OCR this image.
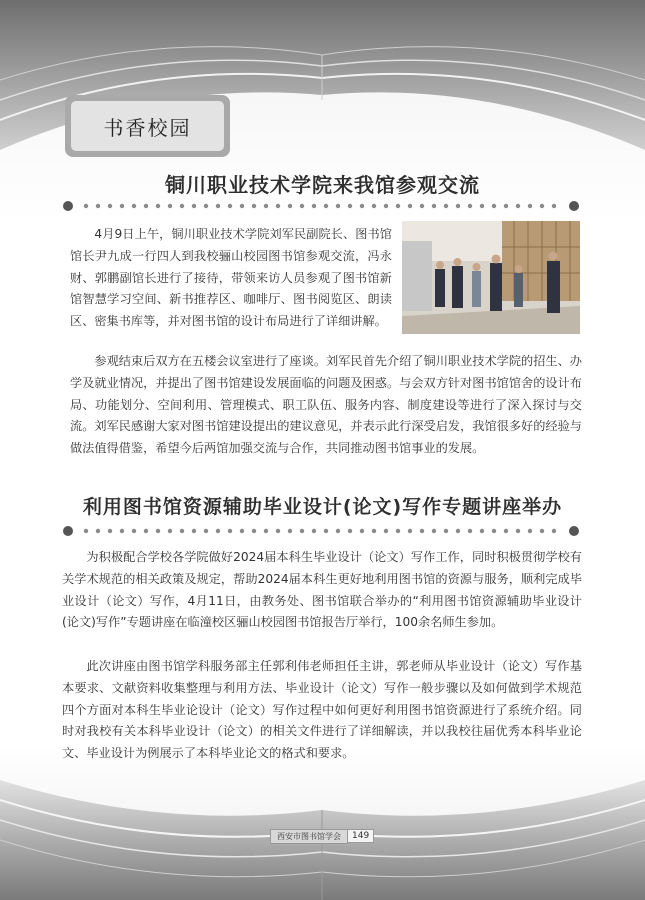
书香校园
铜川职业技术学院来我馆参观交流
4月9日上午，铜川职业技术学院刘军民副院长、图书馆馆长尹九成一行四人到我校骊山校园图书馆参观交流，冯永财、郭鹏副馆长进行了接待，带领来访人员参观了图书馆新馆智慧学习空间、新书推荐区、咖啡厅、图书阅览区、朗读区、密集书库等，并对图书馆的设计布局进行了详细讲解。
参观结束后双方在五楼会议室进行了座谈。刘军民首先介绍了铜川职业技术学院的招生、办学及就业情况，并提出了图书馆建设发展面临的问题及困惑。与会双方针对图书馆馆舍的设计布局、功能划分、空间利用、管理模式、职工队伍、服务内容、制度建设等进行了深入探讨与交流。刘军民感谢大家对图书馆建设提出的建议意见，并表示此行深受启发，我馆很多好的经验与做法值得借鉴，希望今后两馆加强交流与合作，共同推动图书馆事业的发展。
利用图书馆资源辅助毕业设计(论文)写作专题讲座举办
为积极配合学校各学院做好2024届本科生毕业设计（论文）写作工作，同时积极贯彻学校有关学术规范的相关政策及规定，帮助2024届本科生更好地利用图书馆的资源与服务，顺利完成毕业设计（论文）写作，4月11日，由教务处、图书馆联合举办的“利用图书馆资源辅助毕业设计(论文)写作”专题讲座在临潼校区骊山校园图书馆报告厅举行，100余名师生参加。
此次讲座由图书馆学科服务部主任郭利伟老师担任主讲，郭老师从毕业设计（论文）写作基本要求、文献资料收集整理与利用方法、毕业设计（论文）写作一般步骤以及如何做到学术规范四个方面对本科生毕业论设计（论文）写作过程中如何更好利用图书馆资源进行了系统介绍。同时对我校有关本科毕业设计（论文）的相关文件进行了详细解读，并以我校往届优秀本科毕业论文、毕业设计为例展示了本科毕业论文的格式和要求。
西安市图书馆学会	149
